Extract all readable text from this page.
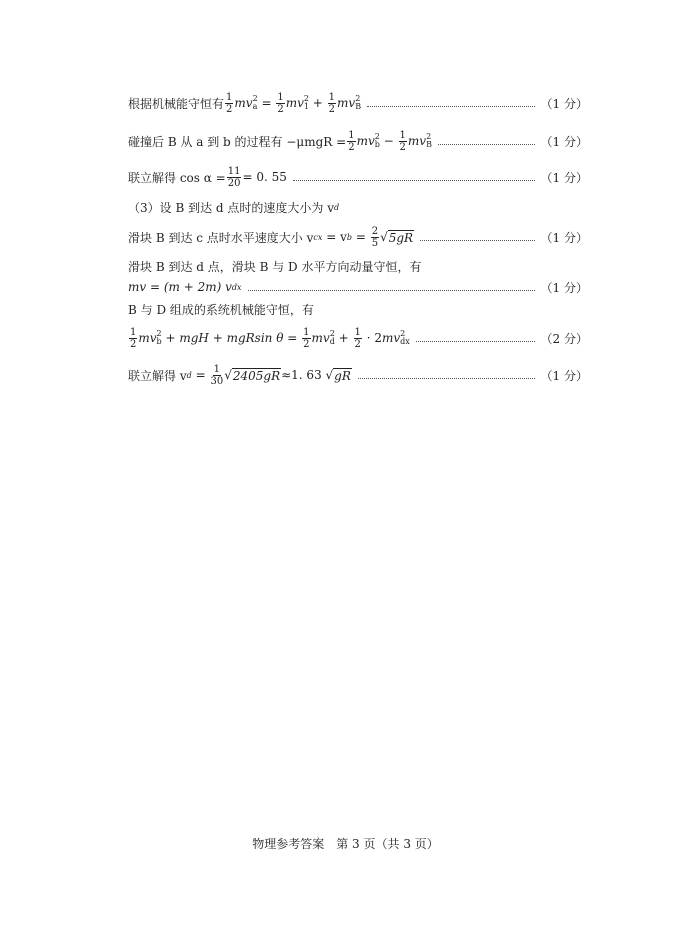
根据机械能守恒有 $\frac{1}{2}$ mv 2
$a = \frac{1}{2}$ mv 2
$1 + \frac{1}{2}$ mv 2
B	（1 分）
碰撞后 B 从 a 到 b 的过程有 $-\mu mgR = \frac{1}{2}$ mv 2
$b - \frac{1}{2}$ mv 2
B	（1 分）
联立解得 $\cos \alpha = \frac{11}{20} = 0$. 55	（1 分）
（3）设 B 到达 d 点时的速度大小为 v d
滑块 B 到达 c 点时水平速度大小 v cx
= v $b = \frac{2}{5}$ √ 5gR	（1 分）
滑块 B 到达 d 点，滑块 B 与 D 水平方向动量守恒，有
mv = (m + 2m) v dx	（1 分）
B 与 D 组成的系统机械能守恒，有
$\frac{1}{2}$ mv 2
b
+ mgH + mgRsin θ =
$\frac{1}{2}$ mv 2
$d + \frac{1}{2} \cdot 2$ mv 2
dx	（2 分）
联立解得 v d
=
$\frac{1}{30}$ √ 2405gR ≈1. 63 √ gR	（1 分）
物理参考答案　第 3 页（共 3 页）
